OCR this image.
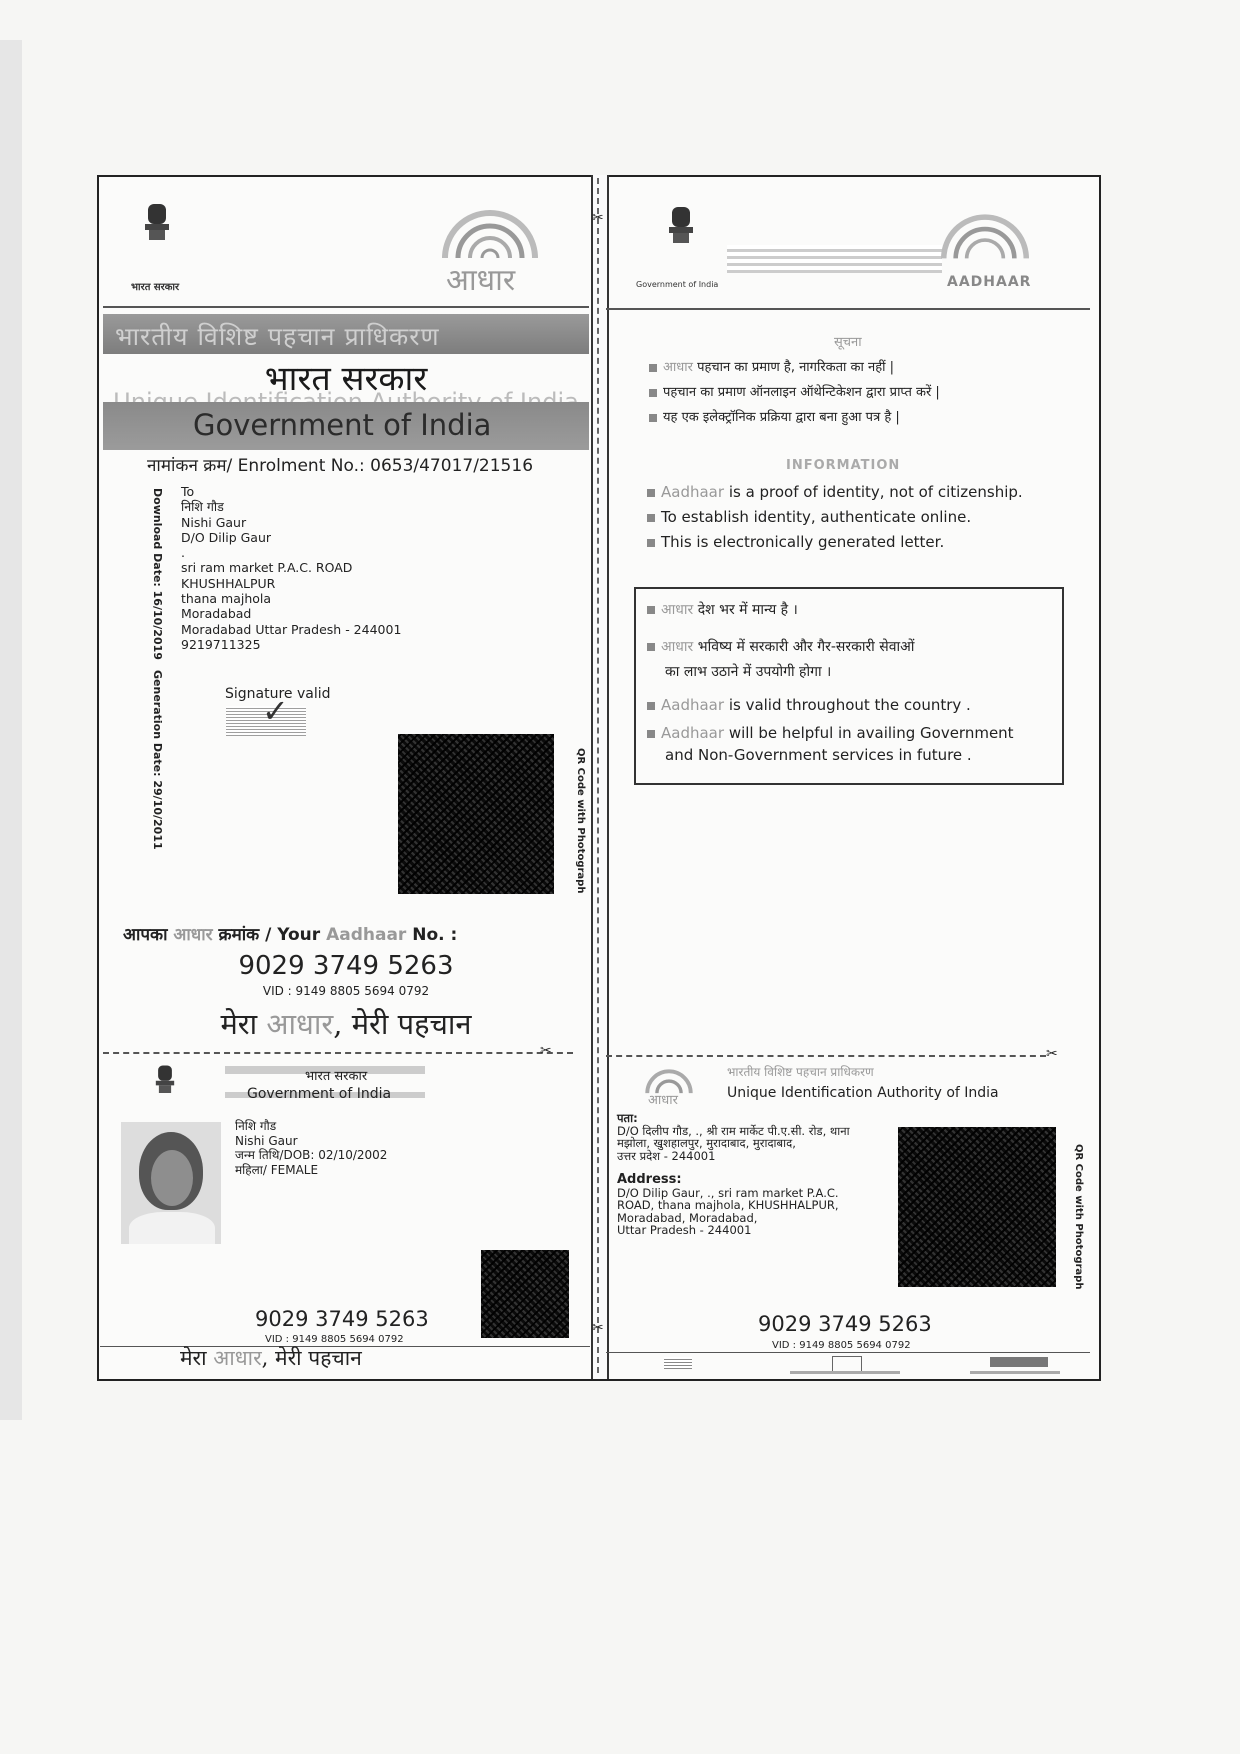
✂
✂
भारत सरकार	आधार
भारतीय विशिष्ट पहचान प्राधिकरण
भारत सरकार
Government of India
नामांकन क्रम/ Enrolment No.: 0653/47017/21516
Download Date: 16/10/2019
Generation Date: 29/10/2011
To
निशि गौड
Nishi Gaur
D/O Dilip Gaur
.
sri ram market P.A.C. ROAD
KHUSHHALPUR
thana majhola
Moradabad
Moradabad Uttar Pradesh - 244001
9219711325
Signature valid
✓
QR Code with Photograph
आपका आधार क्रमांक / Your Aadhaar No. :
9029 3749 5263
VID : 9149 8805 5694 0792
मेरा आधार, मेरी पहचान
✂
भारत सरकार
Government of India
निशि गौड
Nishi Gaur
जन्म तिथि/DOB: 02/10/2002
महिला/ FEMALE
9029 3749 5263
VID : 9149 8805 5694 0792
मेरा आधार, मेरी पहचान
Government of India	AADHAAR
सूचना
आधार पहचान का प्रमाण है, नागरिकता का नहीं |
पहचान का प्रमाण ऑनलाइन ऑथेन्टिकेशन द्वारा प्राप्त करें |
यह एक इलेक्ट्रॉनिक प्रक्रिया द्वारा बना हुआ पत्र है |
INFORMATION
Aadhaar is a proof of identity, not of citizenship.
To establish identity, authenticate online.
This is electronically generated letter.
आधार देश भर में मान्य है ।
आधार भविष्य में सरकारी और गैर-सरकारी सेवाओं
का लाभ उठाने में उपयोगी होगा ।
Aadhaar is valid throughout the country .
Aadhaar will be helpful in availing Government
and Non-Government services in future .
✂
आधार
भारतीय विशिष्ट पहचान प्राधिकरण
Unique Identification Authority of India
पता:
D/O दिलीप गौड, ., श्री राम मार्केट पी.ए.सी. रोड, थाना
मझोला, खुशहालपुर, मुरादाबाद, मुरादाबाद,
उत्तर प्रदेश - 244001
Address:
D/O Dilip Gaur, ., sri ram market P.A.C.
ROAD, thana majhola, KHUSHHALPUR,
Moradabad, Moradabad,
Uttar Pradesh - 244001	QR Code with Photograph
9029 3749 5263
VID : 9149 8805 5694 0792
